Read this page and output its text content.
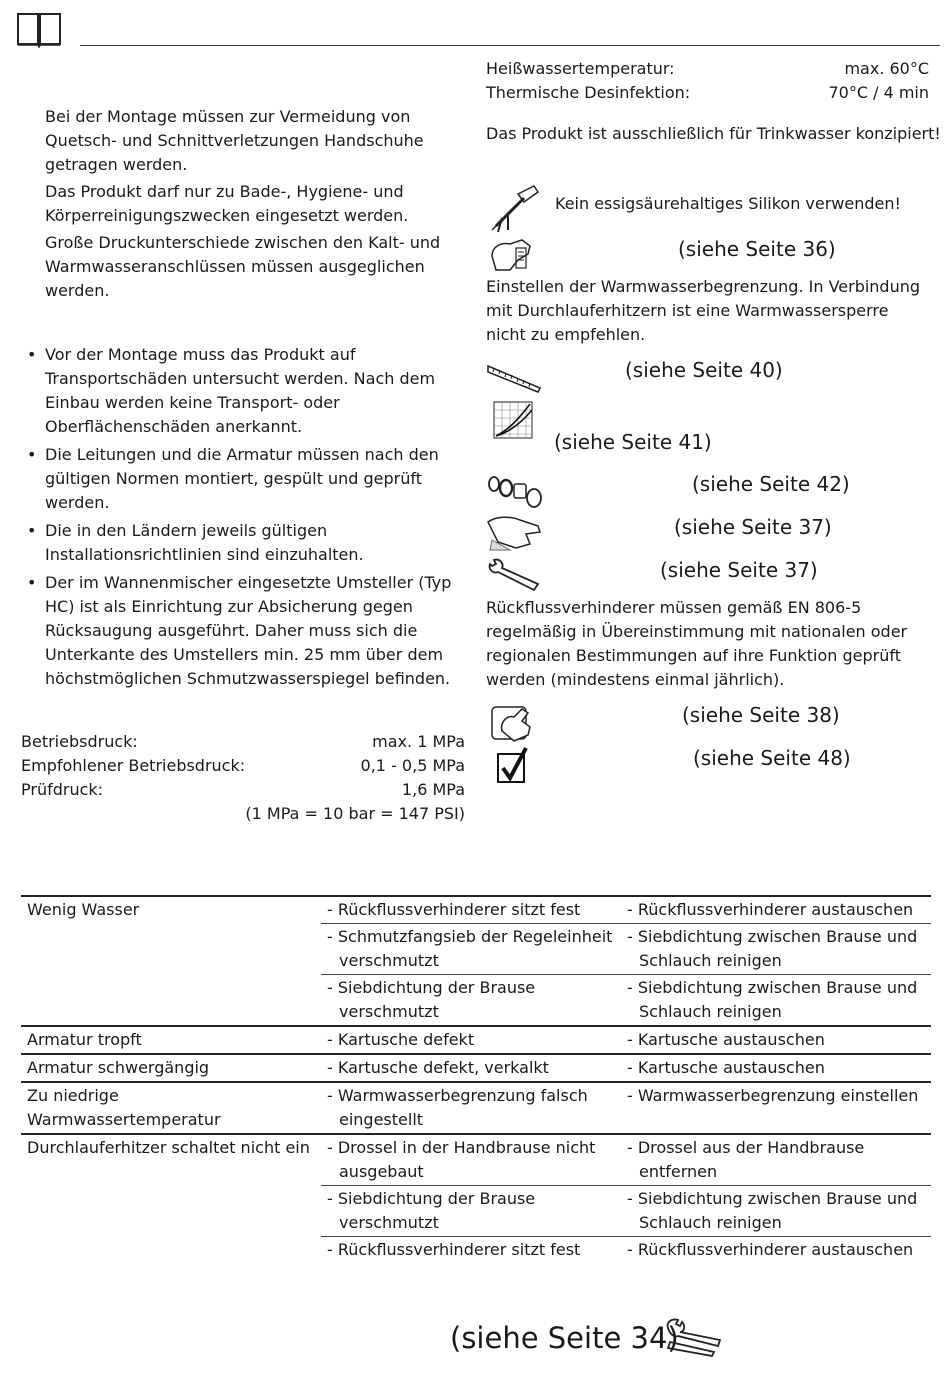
Bei der Montage müssen zur Vermeidung von Quetsch- und Schnittverletzungen Handschuhe getragen werden.
Das Produkt darf nur zu Bade-, Hygiene- und Körperreinigungszwecken eingesetzt werden.
Große Druckunterschiede zwischen den Kalt- und Warmwasseranschlüssen müssen ausgeglichen werden.
• Vor der Montage muss das Produkt auf Transportschäden untersucht werden. Nach dem Einbau werden keine Transport- oder Oberflächenschäden anerkannt.
• Die Leitungen und die Armatur müssen nach den gültigen Normen montiert, gespült und geprüft werden.
• Die in den Ländern jeweils gültigen Installationsrichtlinien sind einzuhalten.
• Der im Wannenmischer eingesetzte Umsteller (Typ HC) ist als Einrichtung zur Absicherung gegen Rücksaugung ausgeführt. Daher muss sich die Unterkante des Umstellers min. 25 mm über dem höchstmöglichen Schmutzwasserspiegel befinden.
Betriebsdruck:	max. 1 MPa
Empfohlener Betriebsdruck:	0,1 - 0,5 MPa
Prüfdruck:	1,6 MPa
(1 MPa = 10 bar = 147 PSI)
Heißwassertemperatur:	max. 60°C
Thermische Desinfektion:	70°C / 4 min
Das Produkt ist ausschließlich für Trinkwasser konzipiert!
Kein essigsäurehaltiges Silikon verwenden!
(siehe Seite 36)
Einstellen der Warmwasserbegrenzung. In Verbindung mit Durchlauferhitzern ist eine Warmwassersperre nicht zu empfehlen.
(siehe Seite 40)
(siehe Seite 41)
(siehe Seite 42)
(siehe Seite 37)
(siehe Seite 37)
Rückflussverhinderer müssen gemäß EN 806-5 regelmäßig in Übereinstimmung mit nationalen oder regionalen Bestimmungen auf ihre Funktion geprüft werden (mindestens einmal jährlich).
(siehe Seite 38)
(siehe Seite 48)
Wenig Wasser	- Rückflussverhinderer sitzt fest	- Rückflussverhinderer austauschen

	- Schmutzfangsieb der Regeleinheit verschmutzt	- Siebdichtung zwischen Brause und Schlauch reinigen

	- Siebdichtung der Brause verschmutzt	- Siebdichtung zwischen Brause und Schlauch reinigen

Armatur tropft	- Kartusche defekt	- Kartusche austauschen

Armatur schwergängig	- Kartusche defekt, verkalkt	- Kartusche austauschen

Zu niedrige Warmwassertemperatur	- Warmwasserbegrenzung falsch eingestellt	- Warmwasserbegrenzung einstellen

Durchlauferhitzer schaltet nicht ein	- Drossel in der Handbrause nicht ausgebaut	- Drossel aus der Handbrause entfernen

	- Siebdichtung der Brause verschmutzt	- Siebdichtung zwischen Brause und Schlauch reinigen

	- Rückflussverhinderer sitzt fest	- Rückflussverhinderer austauschen
(siehe Seite 34)
